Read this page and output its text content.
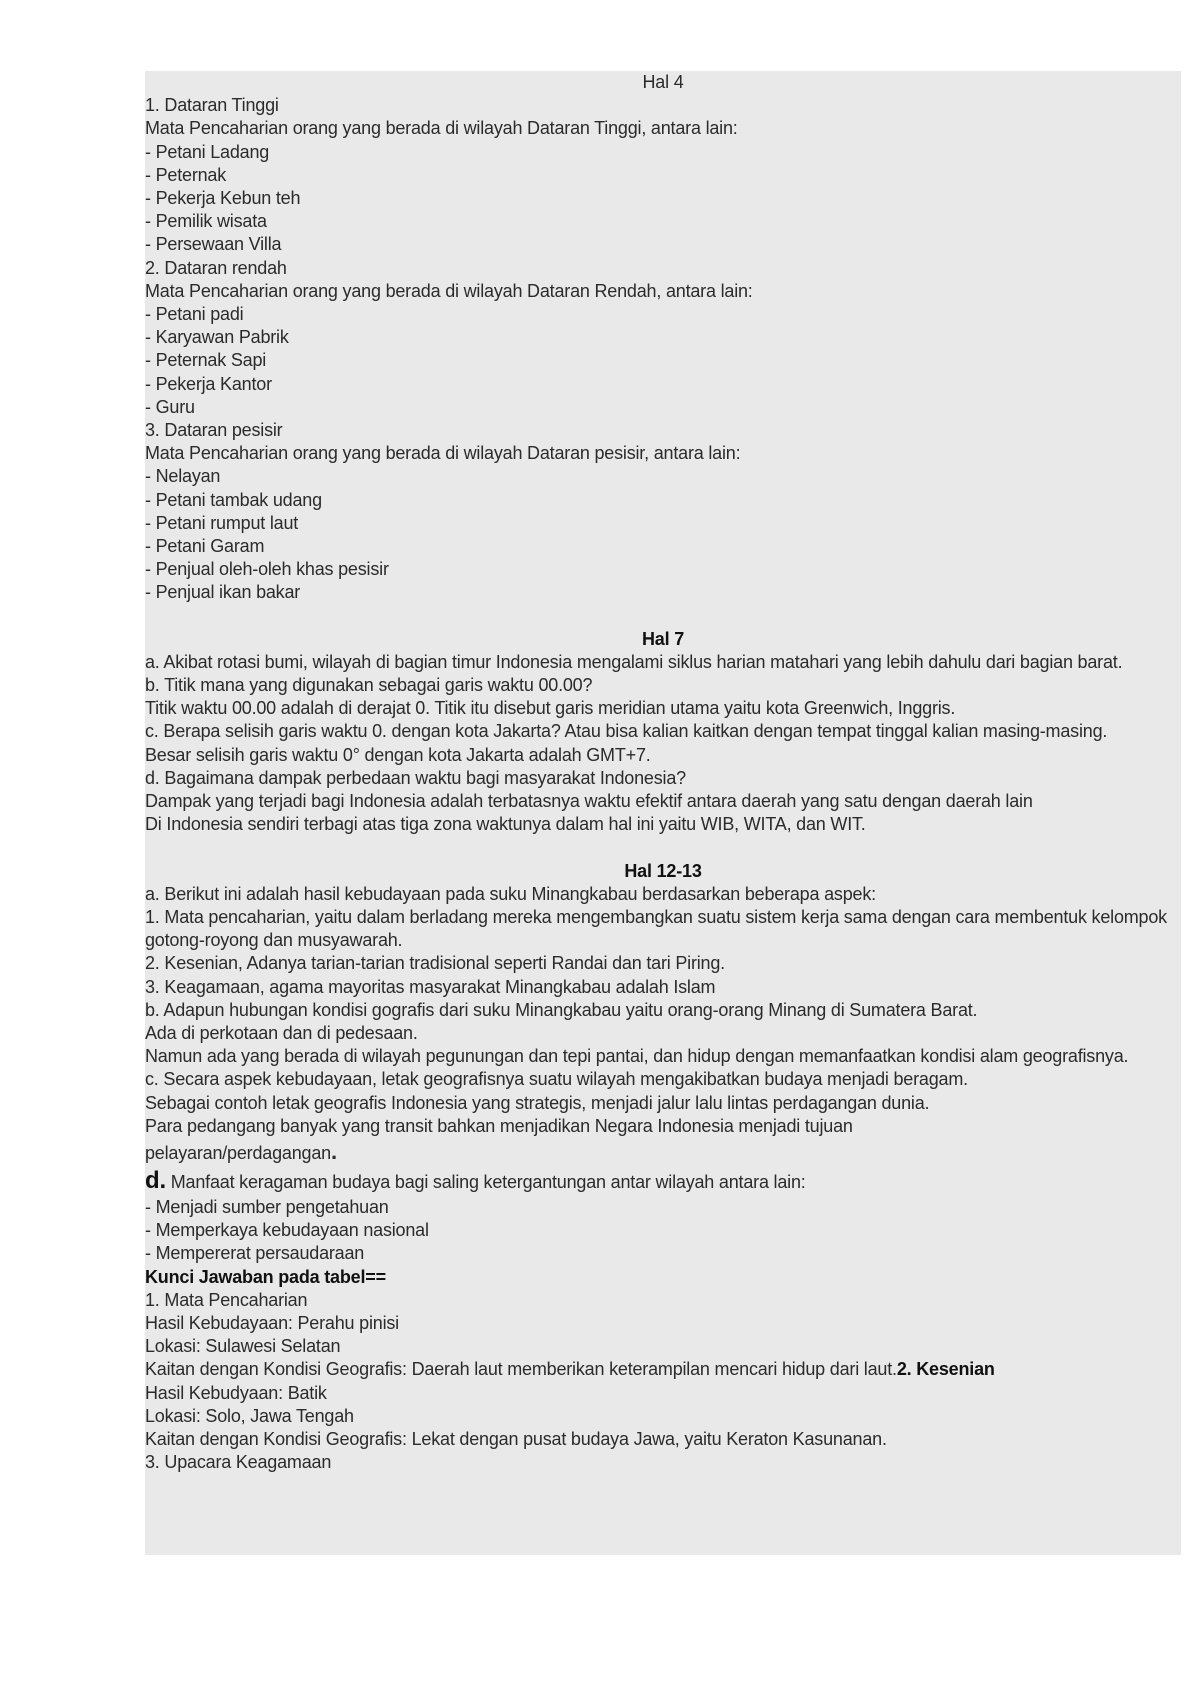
Hal 4
1. Dataran Tinggi
Mata Pencaharian orang yang berada di wilayah Dataran Tinggi, antara lain:
- Petani Ladang
- Peternak
- Pekerja Kebun teh
- Pemilik wisata
- Persewaan Villa
2. Dataran rendah
Mata Pencaharian orang yang berada di wilayah Dataran Rendah, antara lain:
- Petani padi
- Karyawan Pabrik
- Peternak Sapi
- Pekerja Kantor
- Guru
3. Dataran pesisir
Mata Pencaharian orang yang berada di wilayah Dataran pesisir, antara lain:
- Nelayan
- Petani tambak udang
- Petani rumput laut
- Petani Garam
- Penjual oleh-oleh khas pesisir
- Penjual ikan bakar
Hal 7
a. Akibat rotasi bumi, wilayah di bagian timur Indonesia mengalami siklus harian matahari yang lebih dahulu dari bagian barat.
b. Titik mana yang digunakan sebagai garis waktu 00.00?
Titik waktu 00.00 adalah di derajat 0. Titik itu disebut garis meridian utama yaitu kota Greenwich, Inggris.
c. Berapa selisih garis waktu 0. dengan kota Jakarta? Atau bisa kalian kaitkan dengan tempat tinggal kalian masing-masing.
Besar selisih garis waktu 0° dengan kota Jakarta adalah GMT+7.
d. Bagaimana dampak perbedaan waktu bagi masyarakat Indonesia?
Dampak yang terjadi bagi Indonesia adalah terbatasnya waktu efektif antara daerah yang satu dengan daerah lain
Di Indonesia sendiri terbagi atas tiga zona waktunya dalam hal ini yaitu WIB, WITA, dan WIT.
Hal 12-13
a. Berikut ini adalah hasil kebudayaan pada suku Minangkabau berdasarkan beberapa aspek:
1. Mata pencaharian, yaitu dalam berladang mereka mengembangkan suatu sistem kerja sama dengan cara membentuk kelompok gotong-royong dan musyawarah.
2. Kesenian, Adanya tarian-tarian tradisional seperti Randai dan tari Piring.
3. Keagamaan, agama mayoritas masyarakat Minangkabau adalah Islam
b. Adapun hubungan kondisi gografis dari suku Minangkabau yaitu orang-orang Minang di Sumatera Barat.
Ada di perkotaan dan di pedesaan.
Namun ada yang berada di wilayah pegunungan dan tepi pantai, dan hidup dengan memanfaatkan kondisi alam geografisnya.
c. Secara aspek kebudayaan, letak geografisnya suatu wilayah mengakibatkan budaya menjadi beragam.
Sebagai contoh letak geografis Indonesia yang strategis, menjadi jalur lalu lintas perdagangan dunia.
Para pedangang banyak yang transit bahkan menjadikan Negara Indonesia menjadi tujuan
pelayaran/perdagangan.
d. Manfaat keragaman budaya bagi saling ketergantungan antar wilayah antara lain:
- Menjadi sumber pengetahuan
- Memperkaya kebudayaan nasional
- Mempererat persaudaraan
Kunci Jawaban pada tabel==
1. Mata Pencaharian
Hasil Kebudayaan: Perahu pinisi
Lokasi: Sulawesi Selatan
Kaitan dengan Kondisi Geografis: Daerah laut memberikan keterampilan mencari hidup dari laut.2. Kesenian
Hasil Kebudyaan: Batik
Lokasi: Solo, Jawa Tengah
Kaitan dengan Kondisi Geografis: Lekat dengan pusat budaya Jawa, yaitu Keraton Kasunanan.
3. Upacara Keagamaan
